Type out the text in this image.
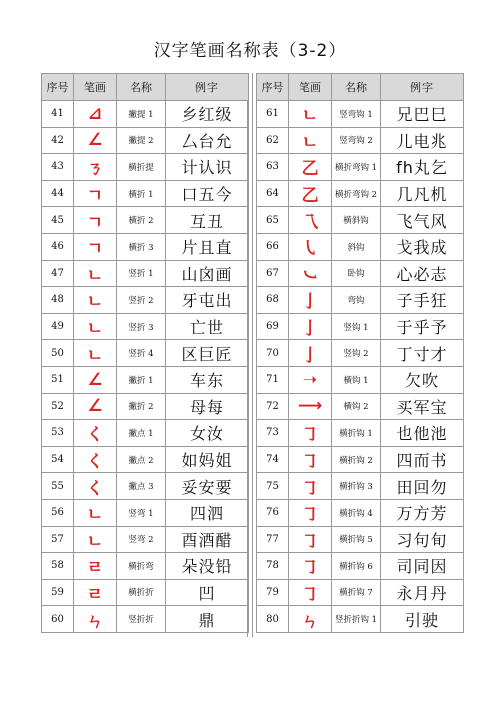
汉字笔画名称表（3-2）
序号	笔画	名称	例字
41	⊿	撇提 1	乡红级
42	∠	撇提 2	厶台允
43	ㄋ	横折提	计认识
44	ㄱ	横折 1	口五今
45	ㄱ	横折 2	互丑
46	ㄱ	横折 3	片且直
47	ㄴ	竖折 1	山囟画
48	ㄴ	竖折 2	牙屯出
49	ㄴ	竖折 3	亡世
50	ㄴ	竖折 4	区巨匠
51	∠	撇折 1	车东
52	∠	撇折 2	母每
53	く	撇点 1	女汝
54	く	撇点 2	如妈姐
55	く	撇点 3	妥安要
56	ㄴ	竖弯 1	四泗
57	ㄴ	竖弯 2	酉酒醋
58	ㄹ	横折弯	朵没铅
59	ㄹ	横折折	凹
60	ㄣ	竖折折	鼎
序号	笔画	名称	例字
61	ㄴ	竖弯钩 1	兄巴巳
62	ㄴ	竖弯钩 2	儿电兆
63	乙	横折弯钩 1	fh丸乞
64	乙	横折弯钩 2	几凡机
65	乁	横斜钩	飞气风
66	㇂	斜钩	戈我成
67	㇃	卧钩	心必志
68	亅	弯钩	子手狂
69	亅	竖钩 1	于乎予
70	亅	竖钩 2	丁寸才
71	➝	横钩 1	欠吹
72	⟶	横钩 2	买军宝
73	㇆	横折钩 1	也他池
74	㇆	横折钩 2	四而书
75	㇆	横折钩 3	田回勿
76	㇆	横折钩 4	万方芳
77	㇆	横折钩 5	习句旬
78	㇆	横折钩 6	司同因
79	㇆	横折钩 7	永月丹
80	ㄣ	竖折折钩 1	引驶
